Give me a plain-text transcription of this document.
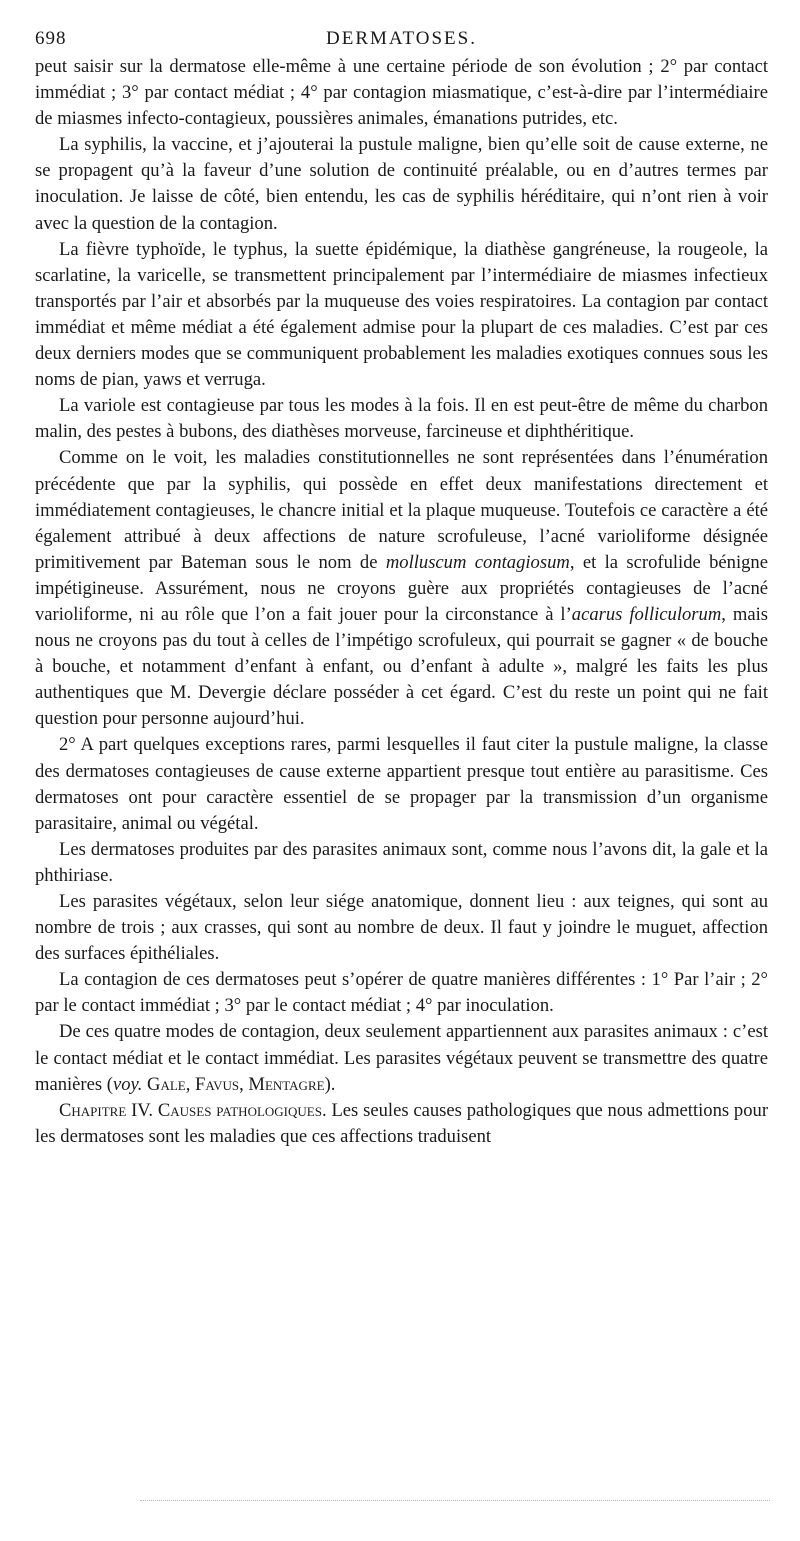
698	DERMATOSES.

peut saisir sur la dermatose elle-même à une certaine période de son évolution ; 2° par contact immédiat ; 3° par contact médiat ; 4° par contagion miasmatique, c’est-à-dire par l’intermédiaire de miasmes infecto-contagieux, poussières animales, émanations putrides, etc.

La syphilis, la vaccine, et j’ajouterai la pustule maligne, bien qu’elle soit de cause externe, ne se propagent qu’à la faveur d’une solution de continuité préalable, ou en d’autres termes par inoculation. Je laisse de côté, bien entendu, les cas de syphilis héréditaire, qui n’ont rien à voir avec la question de la contagion.

La fièvre typhoïde, le typhus, la suette épidémique, la diathèse gangréneuse, la rougeole, la scarlatine, la varicelle, se transmettent principalement par l’intermédiaire de miasmes infectieux transportés par l’air et absorbés par la muqueuse des voies respiratoires. La contagion par contact immédiat et même médiat a été également admise pour la plupart de ces maladies. C’est par ces deux derniers modes que se communiquent probablement les maladies exotiques connues sous les noms de pian, yaws et verruga.

La variole est contagieuse par tous les modes à la fois. Il en est peut-être de même du charbon malin, des pestes à bubons, des diathèses morveuse, farcineuse et diphthéritique.

Comme on le voit, les maladies constitutionnelles ne sont représentées dans l’énumération précédente que par la syphilis, qui possède en effet deux manifestations directement et immédiatement contagieuses, le chancre initial et la plaque muqueuse. Toutefois ce caractère a été également attribué à deux affections de nature scrofuleuse, l’acné varioliforme désignée primitivement par Bateman sous le nom de molluscum contagiosum, et la scrofulide bénigne impétigineuse. Assurément, nous ne croyons guère aux propriétés contagieuses de l’acné varioliforme, ni au rôle que l’on a fait jouer pour la circonstance à l’acarus folliculorum, mais nous ne croyons pas du tout à celles de l’impétigo scrofuleux, qui pourrait se gagner « de bouche à bouche, et notamment d’enfant à enfant, ou d’enfant à adulte », malgré les faits les plus authentiques que M. Devergie déclare posséder à cet égard. C’est du reste un point qui ne fait question pour personne aujourd’hui.

2° A part quelques exceptions rares, parmi lesquelles il faut citer la pustule maligne, la classe des dermatoses contagieuses de cause externe appartient presque tout entière au parasitisme. Ces dermatoses ont pour caractère essentiel de se propager par la transmission d’un organisme parasitaire, animal ou végétal.

Les dermatoses produites par des parasites animaux sont, comme nous l’avons dit, la gale et la phthiriase.

Les parasites végétaux, selon leur siége anatomique, donnent lieu : aux teignes, qui sont au nombre de trois ; aux crasses, qui sont au nombre de deux. Il faut y joindre le muguet, affection des surfaces épithéliales.

La contagion de ces dermatoses peut s’opérer de quatre manières différentes : 1° Par l’air ; 2° par le contact immédiat ; 3° par le contact médiat ; 4° par inoculation.

De ces quatre modes de contagion, deux seulement appartiennent aux parasites animaux : c’est le contact médiat et le contact immédiat. Les parasites végétaux peuvent se transmettre des quatre manières (voy. Gale, Favus, Mentagre).

Chapitre IV. Causes pathologiques. Les seules causes pathologiques que nous admettions pour les dermatoses sont les maladies que ces affections traduisent
